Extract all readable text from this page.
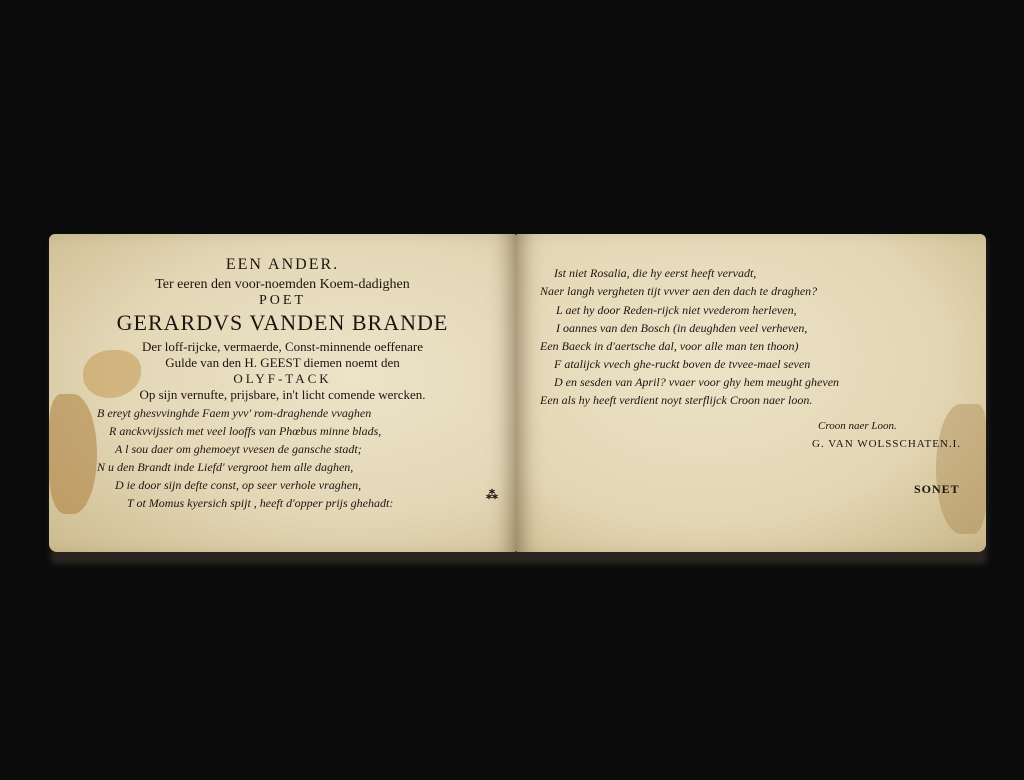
EEN ANDER.
Ter eeren den voor-noemden Koem-dadighen
POET
GERARDVS VANDEN BRANDE
Der loff-rijcke, vermaerde, Const-minnende oeffenare
Gulde van den H. GEEST diemen noemt den
OLYF-TACK
Op sijn vernufte, prijsbare, in't licht comende wercken.
B ereyt ghesvvinghde Faem yvv' rom-draghende vvaghen
R anckvvijssich met veel looffs van Phœbus minne blads,
A l sou daer om ghemoeyt vvesen de gansche stadt;
N u den Brandt inde Liefd' vergroot hem alle daghen,
D ie door sijn defte const, op seer verhole vraghen,
T ot Momus kyersich spijt , heeft d'opper prijs ghehadt:
⁂
Ist niet Rosalia, die hy eerst heeft vervadt,
Naer langh vergheten tijt vvver aen den dach te draghen?
L aet hy door Reden-rijck niet vvederom herleven,
I oannes van den Bosch (in deughden veel verheven,
Een Baeck in d'aertsche dal, voor alle man ten thoon)
F atalijck vvech ghe-ruckt boven de tvvee-mael seven
D en sesden van April? vvaer voor ghy hem meught gheven
Een als hy heeft verdient noyt sterflijck Croon naer loon.
Croon naer Loon.
G. VAN WOLSSCHATEN.I.
SONET
